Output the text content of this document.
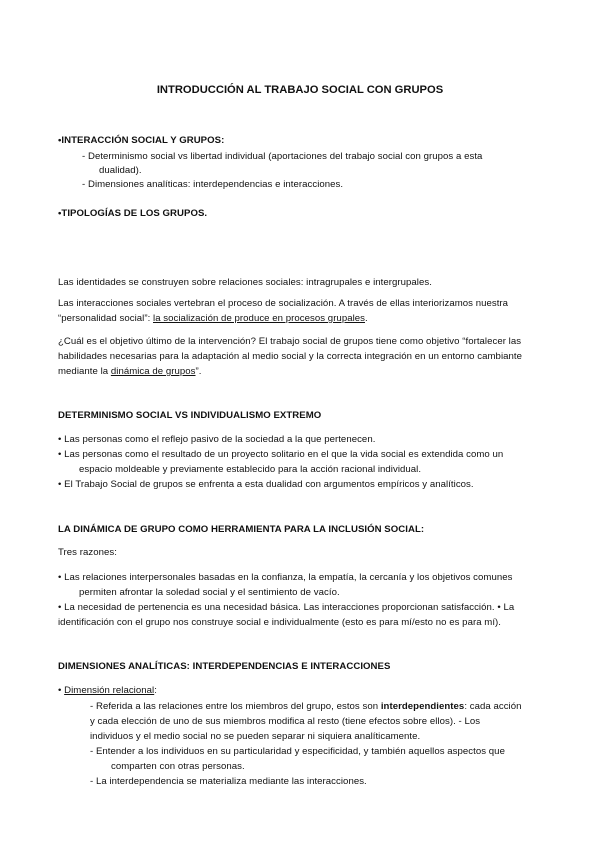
INTRODUCCIÓN AL TRABAJO SOCIAL CON GRUPOS
•INTERACCIÓN SOCIAL Y GRUPOS:
- Determinismo social vs libertad individual (aportaciones del trabajo social con grupos a esta
dualidad).
- Dimensiones analíticas: interdependencias e interacciones.
•TIPOLOGÍAS DE LOS GRUPOS.
Las identidades se construyen sobre relaciones sociales: intragrupales e intergrupales.
Las interacciones sociales vertebran el proceso de socialización. A través de ellas interiorizamos nuestra
“personalidad social”: la socialización de produce en procesos grupales.
¿Cuál es el objetivo último de la intervención? El trabajo social de grupos tiene como objetivo “fortalecer las
habilidades necesarias para la adaptación al medio social y la correcta integración en un entorno cambiante
mediante la dinámica de grupos”.
DETERMINISMO SOCIAL VS INDIVIDUALISMO EXTREMO
• Las personas como el reflejo pasivo de la sociedad a la que pertenecen.
• Las personas como el resultado de un proyecto solitario en el que la vida social es extendida como un
espacio moldeable y previamente establecido para la acción racional individual.
• El Trabajo Social de grupos se enfrenta a esta dualidad con argumentos empíricos y analíticos.
LA DINÁMICA DE GRUPO COMO HERRAMIENTA PARA LA INCLUSIÓN SOCIAL:
Tres razones:
• Las relaciones interpersonales basadas en la confianza, la empatía, la cercanía y los objetivos comunes
permiten afrontar la soledad social y el sentimiento de vacío.
• La necesidad de pertenencia es una necesidad básica. Las interacciones proporcionan satisfacción. • La
identificación con el grupo nos construye social e individualmente (esto es para mí/esto no es para mí).
DIMENSIONES ANALÍTICAS: INTERDEPENDENCIAS E INTERACCIONES
• Dimensión relacional:
- Referida a las relaciones entre los miembros del grupo, estos son interdependientes: cada acción
y cada elección de uno de sus miembros modifica al resto (tiene efectos sobre ellos). - Los
individuos y el medio social no se pueden separar ni siquiera analíticamente.
- Entender a los individuos en su particularidad y especificidad, y también aquellos aspectos que
comparten con otras personas.
- La interdependencia se materializa mediante las interacciones.
